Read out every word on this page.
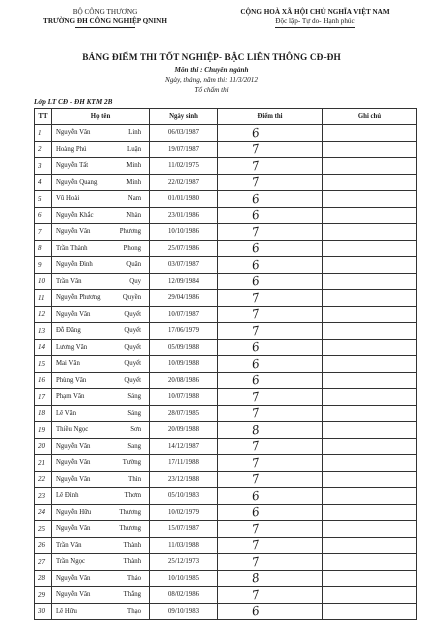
BỘ CÔNG THƯƠNG
TRƯỜNG ĐH CÔNG NGHIỆP QNINH
CỘNG HOÀ XÃ HỘI CHỦ NGHĨA VIỆT NAM
Độc lập- Tự do- Hạnh phúc
BẢNG ĐIỂM THI TỐT NGHIỆP- BẬC LIÊN THÔNG CĐ-ĐH
Môn thi : Chuyên ngành
Ngày, tháng, năm thi: 11/3/2012
Tổ chấm thi
Lớp LT CĐ - ĐH KTM 2B
TT	Họ tên		Ngày sinh	Điểm thi	Ghi chú
1	Nguyễn Văn	Linh	06/03/1987	6	
2	Hoàng Phú	Luận	19/07/1987	7	
3	Nguyễn Tất	Minh	11/02/1975	7	
4	Nguyễn Quang	Minh	22/02/1987	7	
5	Vũ Hoài	Nam	01/01/1980	6	
6	Nguyễn Khắc	Nhàn	23/01/1986	6	
7	Nguyễn Văn	Phương	10/10/1986	7	
8	Trần Thành	Phong	25/07/1986	6	
9	Nguyễn Đình	Quân	03/07/1987	6	
10	Trần Văn	Quy	12/09/1984	6	
11	Nguyễn Phương	Quyền	29/04/1986	7	
12	Nguyễn Văn	Quyết	10/07/1987	7	
13	Đỗ Đăng	Quyết	17/06/1979	7	
14	Lương Văn	Quyết	05/09/1988	6	
15	Mai Văn	Quyết	10/09/1988	6	
16	Phùng Văn	Quyết	20/08/1986	6	
17	Phạm Văn	Sáng	10/07/1988	7	
18	Lê Văn	Sáng	28/07/1985	7	
19	Thiều Ngọc	Sơn	20/09/1988	8	
20	Nguyễn Văn	Sang	14/12/1987	7	
21	Nguyễn Văn	Tường	17/11/1988	7	
22	Nguyễn Văn	Thìn	23/12/1988	7	
23	Lê Đình	Thơm	05/10/1983	6	
24	Nguyễn Hữu	Thương	10/02/1979	6	
25	Nguyễn Văn	Thương	15/07/1987	7	
26	Trần Văn	Thành	11/03/1988	7	
27	Trần Ngọc	Thành	25/12/1973	7	
28	Nguyễn Văn	Thảo	10/10/1985	8	
29	Nguyễn Văn	Thắng	08/02/1986	7	
30	Lê Hữu	Thạo	09/10/1983	6	
